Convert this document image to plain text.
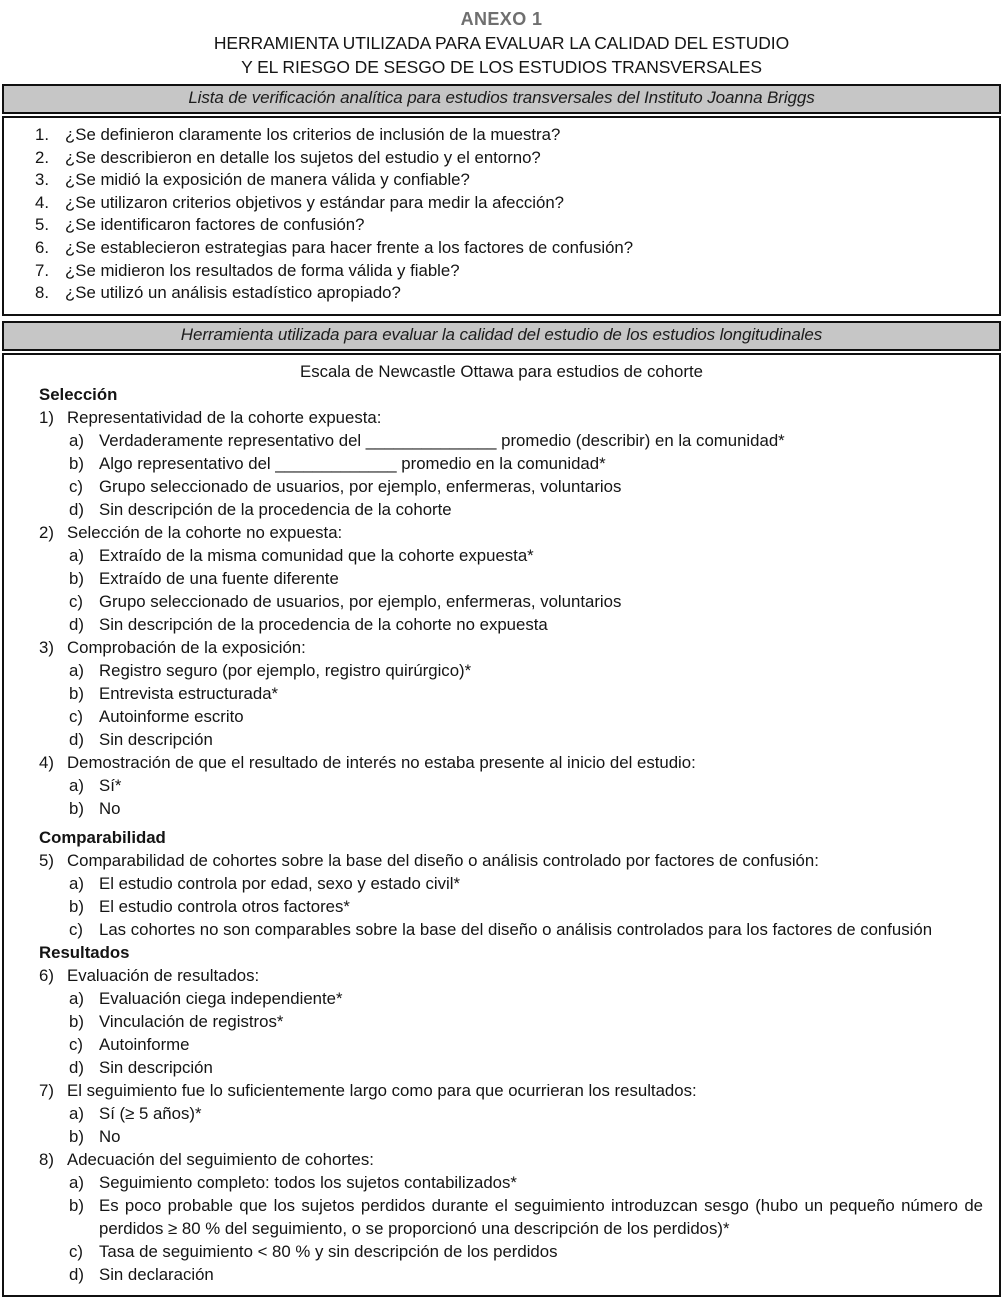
ANEXO 1
HERRAMIENTA UTILIZADA PARA EVALUAR LA CALIDAD DEL ESTUDIO
Y EL RIESGO DE SESGO DE LOS ESTUDIOS TRANSVERSALES
Lista de verificación analítica para estudios transversales del Instituto Joanna Briggs
1. ¿Se definieron claramente los criterios de inclusión de la muestra?
2. ¿Se describieron en detalle los sujetos del estudio y el entorno?
3. ¿Se midió la exposición de manera válida y confiable?
4. ¿Se utilizaron criterios objetivos y estándar para medir la afección?
5. ¿Se identificaron factores de confusión?
6. ¿Se establecieron estrategias para hacer frente a los factores de confusión?
7. ¿Se midieron los resultados de forma válida y fiable?
8. ¿Se utilizó un análisis estadístico apropiado?
Herramienta utilizada para evaluar la calidad del estudio de los estudios longitudinales
Escala de Newcastle Ottawa para estudios de cohorte
Selección
1) Representatividad de la cohorte expuesta:
a) Verdaderamente representativo del ______________ promedio (describir) en la comunidad*
b) Algo representativo del _____________ promedio en la comunidad*
c) Grupo seleccionado de usuarios, por ejemplo, enfermeras, voluntarios
d) Sin descripción de la procedencia de la cohorte
2) Selección de la cohorte no expuesta:
a) Extraído de la misma comunidad que la cohorte expuesta*
b) Extraído de una fuente diferente
c) Grupo seleccionado de usuarios, por ejemplo, enfermeras, voluntarios
d) Sin descripción de la procedencia de la cohorte no expuesta
3) Comprobación de la exposición:
a) Registro seguro (por ejemplo, registro quirúrgico)*
b) Entrevista estructurada*
c) Autoinforme escrito
d) Sin descripción
4) Demostración de que el resultado de interés no estaba presente al inicio del estudio:
a) Sí*
b) No
Comparabilidad
5) Comparabilidad de cohortes sobre la base del diseño o análisis controlado por factores de confusión:
a) El estudio controla por edad, sexo y estado civil*
b) El estudio controla otros factores*
c) Las cohortes no son comparables sobre la base del diseño o análisis controlados para los factores de confusión
Resultados
6) Evaluación de resultados:
a) Evaluación ciega independiente*
b) Vinculación de registros*
c) Autoinforme
d) Sin descripción
7) El seguimiento fue lo suficientemente largo como para que ocurrieran los resultados:
a) Sí (≥ 5 años)*
b) No
8) Adecuación del seguimiento de cohortes:
a) Seguimiento completo: todos los sujetos contabilizados*
b) Es poco probable que los sujetos perdidos durante el seguimiento introduzcan sesgo (hubo un pequeño número de perdidos ≥ 80 % del seguimiento, o se proporcionó una descripción de los perdidos)*
c) Tasa de seguimiento < 80 % y sin descripción de los perdidos
d) Sin declaración
